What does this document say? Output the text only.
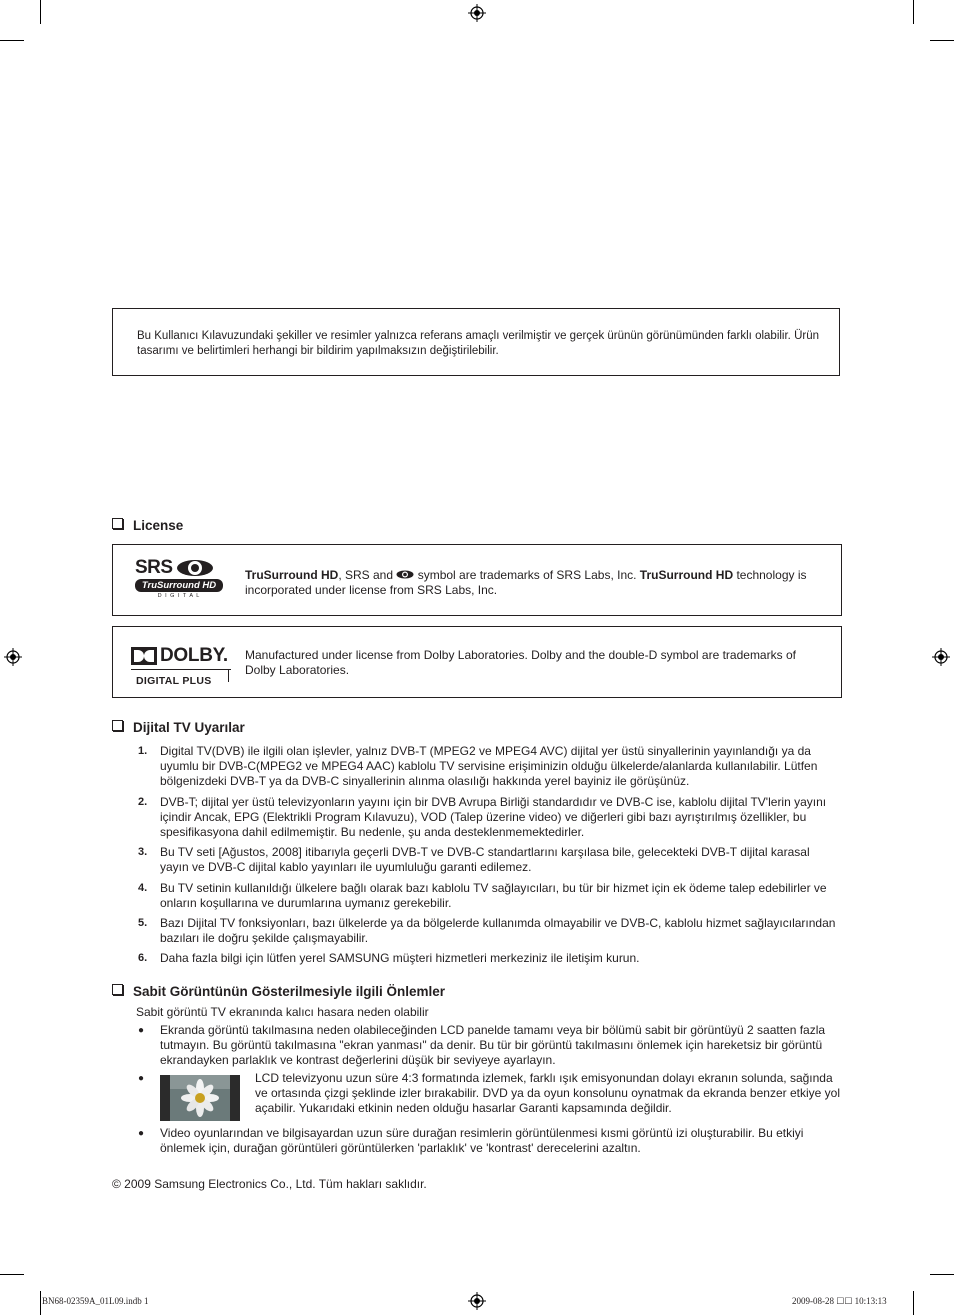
Bu Kullanıcı Kılavuzundaki şekiller ve resimler yalnızca referans amaçlı verilmiştir ve gerçek ürünün görünümünden farklı olabilir. Ürün tasarımı ve belirtimleri herhangi bir bildirim yapılmaksızın değiştirilebilir.
License
SRS
TruSurround HD
D I G I T A L
TruSurround HD, SRS and  symbol are trademarks of SRS Labs, Inc. TruSurround HD technology is incorporated under license from SRS Labs, Inc.
DOLBY.
DIGITAL PLUS
Manufactured under license from Dolby Laboratories. Dolby and the double-D symbol are trademarks of Dolby Laboratories.
Dijital TV Uyarılar
1. Digital TV(DVB) ile ilgili olan işlevler, yalnız DVB-T (MPEG2 ve MPEG4 AVC) dijital yer üstü sinyallerinin yayınlandığı ya da uyumlu bir DVB-C(MPEG2 ve MPEG4 AAC) kablolu TV servisine erişiminizin olduğu ülkelerde/alanlarda kullanılabilir. Lütfen bölgenizdeki DVB-T ya da DVB-C sinyallerinin alınma olasılığı hakkında yerel bayiniz ile görüşünüz.
2. DVB-T; dijital yer üstü televizyonların yayını için bir DVB Avrupa Birliği standardıdır ve DVB-C ise, kablolu dijital TV'lerin yayını içindir Ancak, EPG (Elektrikli Program Kılavuzu), VOD (Talep üzerine video) ve diğerleri gibi bazı ayrıştırılmış özellikler, bu spesifikasyona dahil edilmemiştir. Bu nedenle, şu anda desteklenmemektedirler.
3. Bu TV seti [Ağustos, 2008] itibarıyla geçerli DVB-T ve DVB-C standartlarını karşılasa bile, gelecekteki DVB-T dijital karasal yayın ve DVB-C dijital kablo yayınları ile uyumluluğu garanti edilemez.
4. Bu TV setinin kullanıldığı ülkelere bağlı olarak bazı kablolu TV sağlayıcıları, bu tür bir hizmet için ek ödeme talep edebilirler ve onların koşullarına ve durumlarına uymanız gerekebilir.
5. Bazı Dijital TV fonksiyonları, bazı ülkelerde ya da bölgelerde kullanımda olmayabilir ve DVB-C, kablolu hizmet sağlayıcılarından bazıları ile doğru şekilde çalışmayabilir.
6. Daha fazla bilgi için lütfen yerel SAMSUNG müşteri hizmetleri merkeziniz ile iletişim kurun.
Sabit Görüntünün Gösterilmesiyle ilgili Önlemler
Sabit görüntü TV ekranında kalıcı hasara neden olabilir
● Ekranda görüntü takılmasına neden olabileceğinden LCD panelde tamamı veya bir bölümü sabit bir görüntüyü 2 saatten fazla tutmayın. Bu görüntü takılmasına "ekran yanması" da denir. Bu tür bir görüntü takılmasını önlemek için hareketsiz bir görüntü ekrandayken parlaklık ve kontrast değerlerini düşük bir seviyeye ayarlayın.
●	LCD televizyonu uzun süre 4:3 formatında izlemek, farklı ışık emisyonundan dolayı ekranın solunda, sağında ve ortasında çizgi şeklinde izler bırakabilir. DVD ya da oyun konsolunu oynatmak da ekranda benzer etkiye yol açabilir. Yukarıdaki etkinin neden olduğu hasarlar Garanti kapsamında değildir.
● Video oyunlarından ve bilgisayardan uzun süre durağan resimlerin görüntülenmesi kısmi görüntü izi oluşturabilir. Bu etkiyi önlemek için, durağan görüntüleri görüntülerken 'parlaklık' ve 'kontrast' derecelerini azaltın.
© 2009 Samsung Electronics Co., Ltd. Tüm hakları saklıdır.
BN68-02359A_01L09.indb 1	2009-08-28 ☐☐ 10:13:13
